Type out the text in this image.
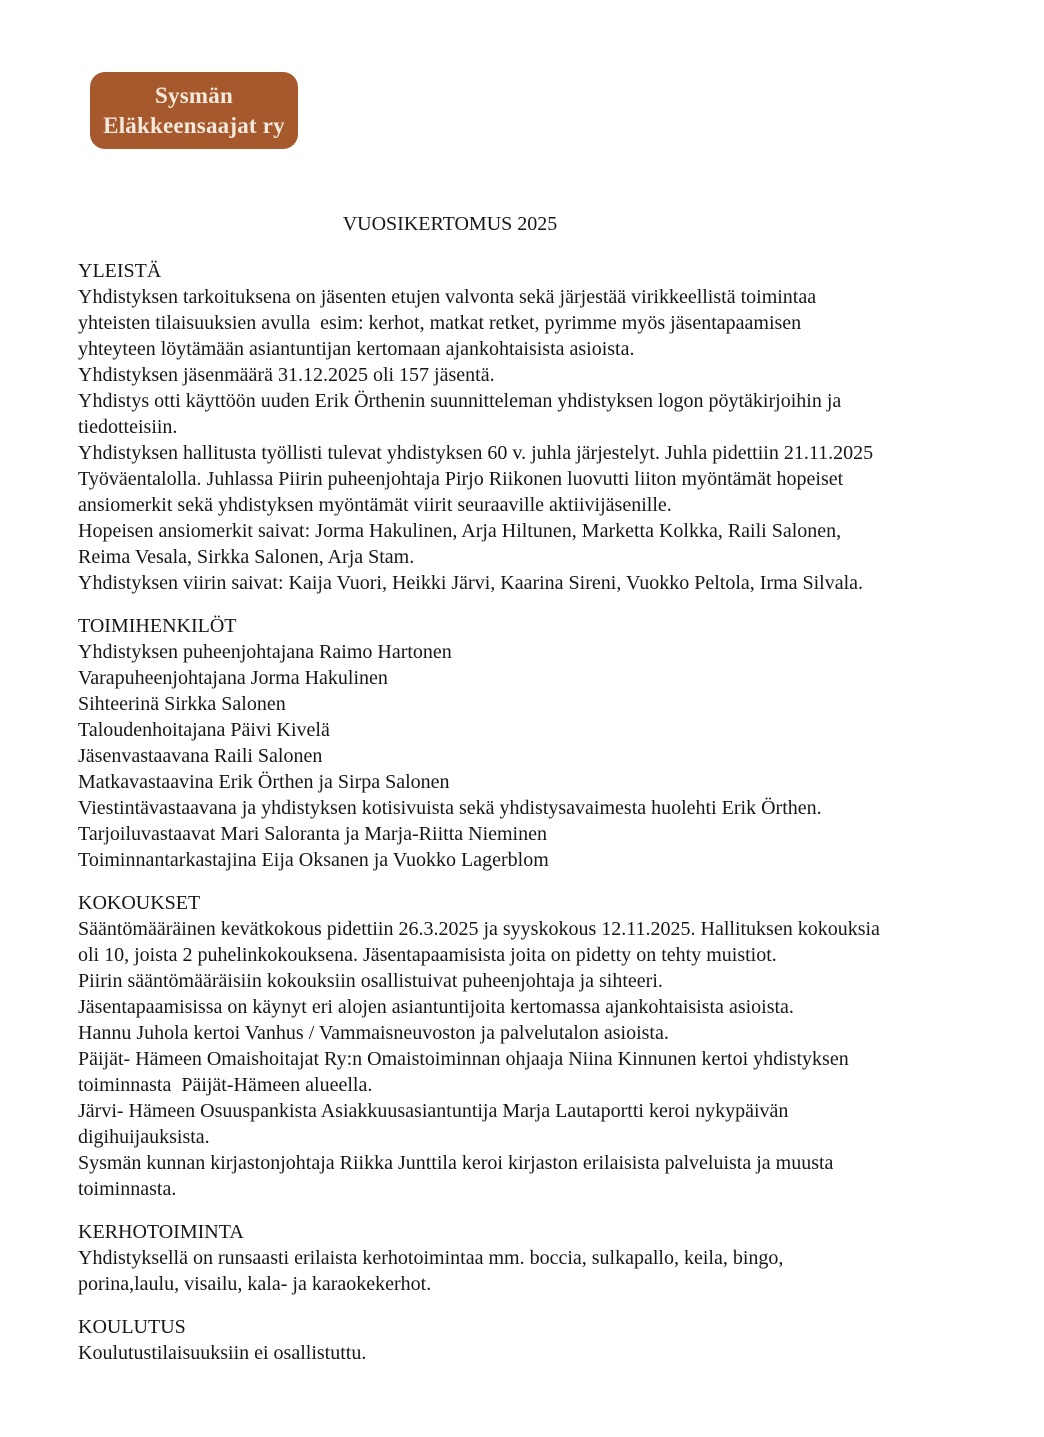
Sysmän
Eläkkeensaajat ry
VUOSIKERTOMUS 2025
YLEISTÄ
Yhdistyksen tarkoituksena on jäsenten etujen valvonta sekä järjestää virikkeellistä toimintaa
yhteisten tilaisuuksien avulla  esim: kerhot, matkat retket, pyrimme myös jäsentapaamisen
yhteyteen löytämään asiantuntijan kertomaan ajankohtaisista asioista.
Yhdistyksen jäsenmäärä 31.12.2025 oli 157 jäsentä.
Yhdistys otti käyttöön uuden Erik Örthenin suunnitteleman yhdistyksen logon pöytäkirjoihin ja
tiedotteisiin.
Yhdistyksen hallitusta työllisti tulevat yhdistyksen 60 v. juhla järjestelyt. Juhla pidettiin 21.11.2025
Työväentalolla. Juhlassa Piirin puheenjohtaja Pirjo Riikonen luovutti liiton myöntämät hopeiset
ansiomerkit sekä yhdistyksen myöntämät viirit seuraaville aktiivijäsenille.
Hopeisen ansiomerkit saivat: Jorma Hakulinen, Arja Hiltunen, Marketta Kolkka, Raili Salonen,
Reima Vesala, Sirkka Salonen, Arja Stam.
Yhdistyksen viirin saivat: Kaija Vuori, Heikki Järvi, Kaarina Sireni, Vuokko Peltola, Irma Silvala.
TOIMIHENKILÖT
Yhdistyksen puheenjohtajana Raimo Hartonen
Varapuheenjohtajana Jorma Hakulinen
Sihteerinä Sirkka Salonen
Taloudenhoitajana Päivi Kivelä
Jäsenvastaavana Raili Salonen
Matkavastaavina Erik Örthen ja Sirpa Salonen
Viestintävastaavana ja yhdistyksen kotisivuista sekä yhdistysavaimesta huolehti Erik Örthen.
Tarjoiluvastaavat Mari Saloranta ja Marja-Riitta Nieminen
Toiminnantarkastajina Eija Oksanen ja Vuokko Lagerblom
KOKOUKSET
Sääntömääräinen kevätkokous pidettiin 26.3.2025 ja syyskokous 12.11.2025. Hallituksen kokouksia
oli 10, joista 2 puhelinkokouksena. Jäsentapaamisista joita on pidetty on tehty muistiot.
Piirin sääntömääräisiin kokouksiin osallistuivat puheenjohtaja ja sihteeri.
Jäsentapaamisissa on käynyt eri alojen asiantuntijoita kertomassa ajankohtaisista asioista.
Hannu Juhola kertoi Vanhus / Vammaisneuvoston ja palvelutalon asioista.
Päijät- Hämeen Omaishoitajat Ry:n Omaistoiminnan ohjaaja Niina Kinnunen kertoi yhdistyksen
toiminnasta  Päijät-Hämeen alueella.
Järvi- Hämeen Osuuspankista Asiakkuusasiantuntija Marja Lautaportti keroi nykypäivän
digihuijauksista.
Sysmän kunnan kirjastonjohtaja Riikka Junttila keroi kirjaston erilaisista palveluista ja muusta
toiminnasta.
KERHOTOIMINTA
Yhdistyksellä on runsaasti erilaista kerhotoimintaa mm. boccia, sulkapallo, keila, bingo,
porina,laulu, visailu, kala- ja karaokekerhot.
KOULUTUS
Koulutustilaisuuksiin ei osallistuttu.
